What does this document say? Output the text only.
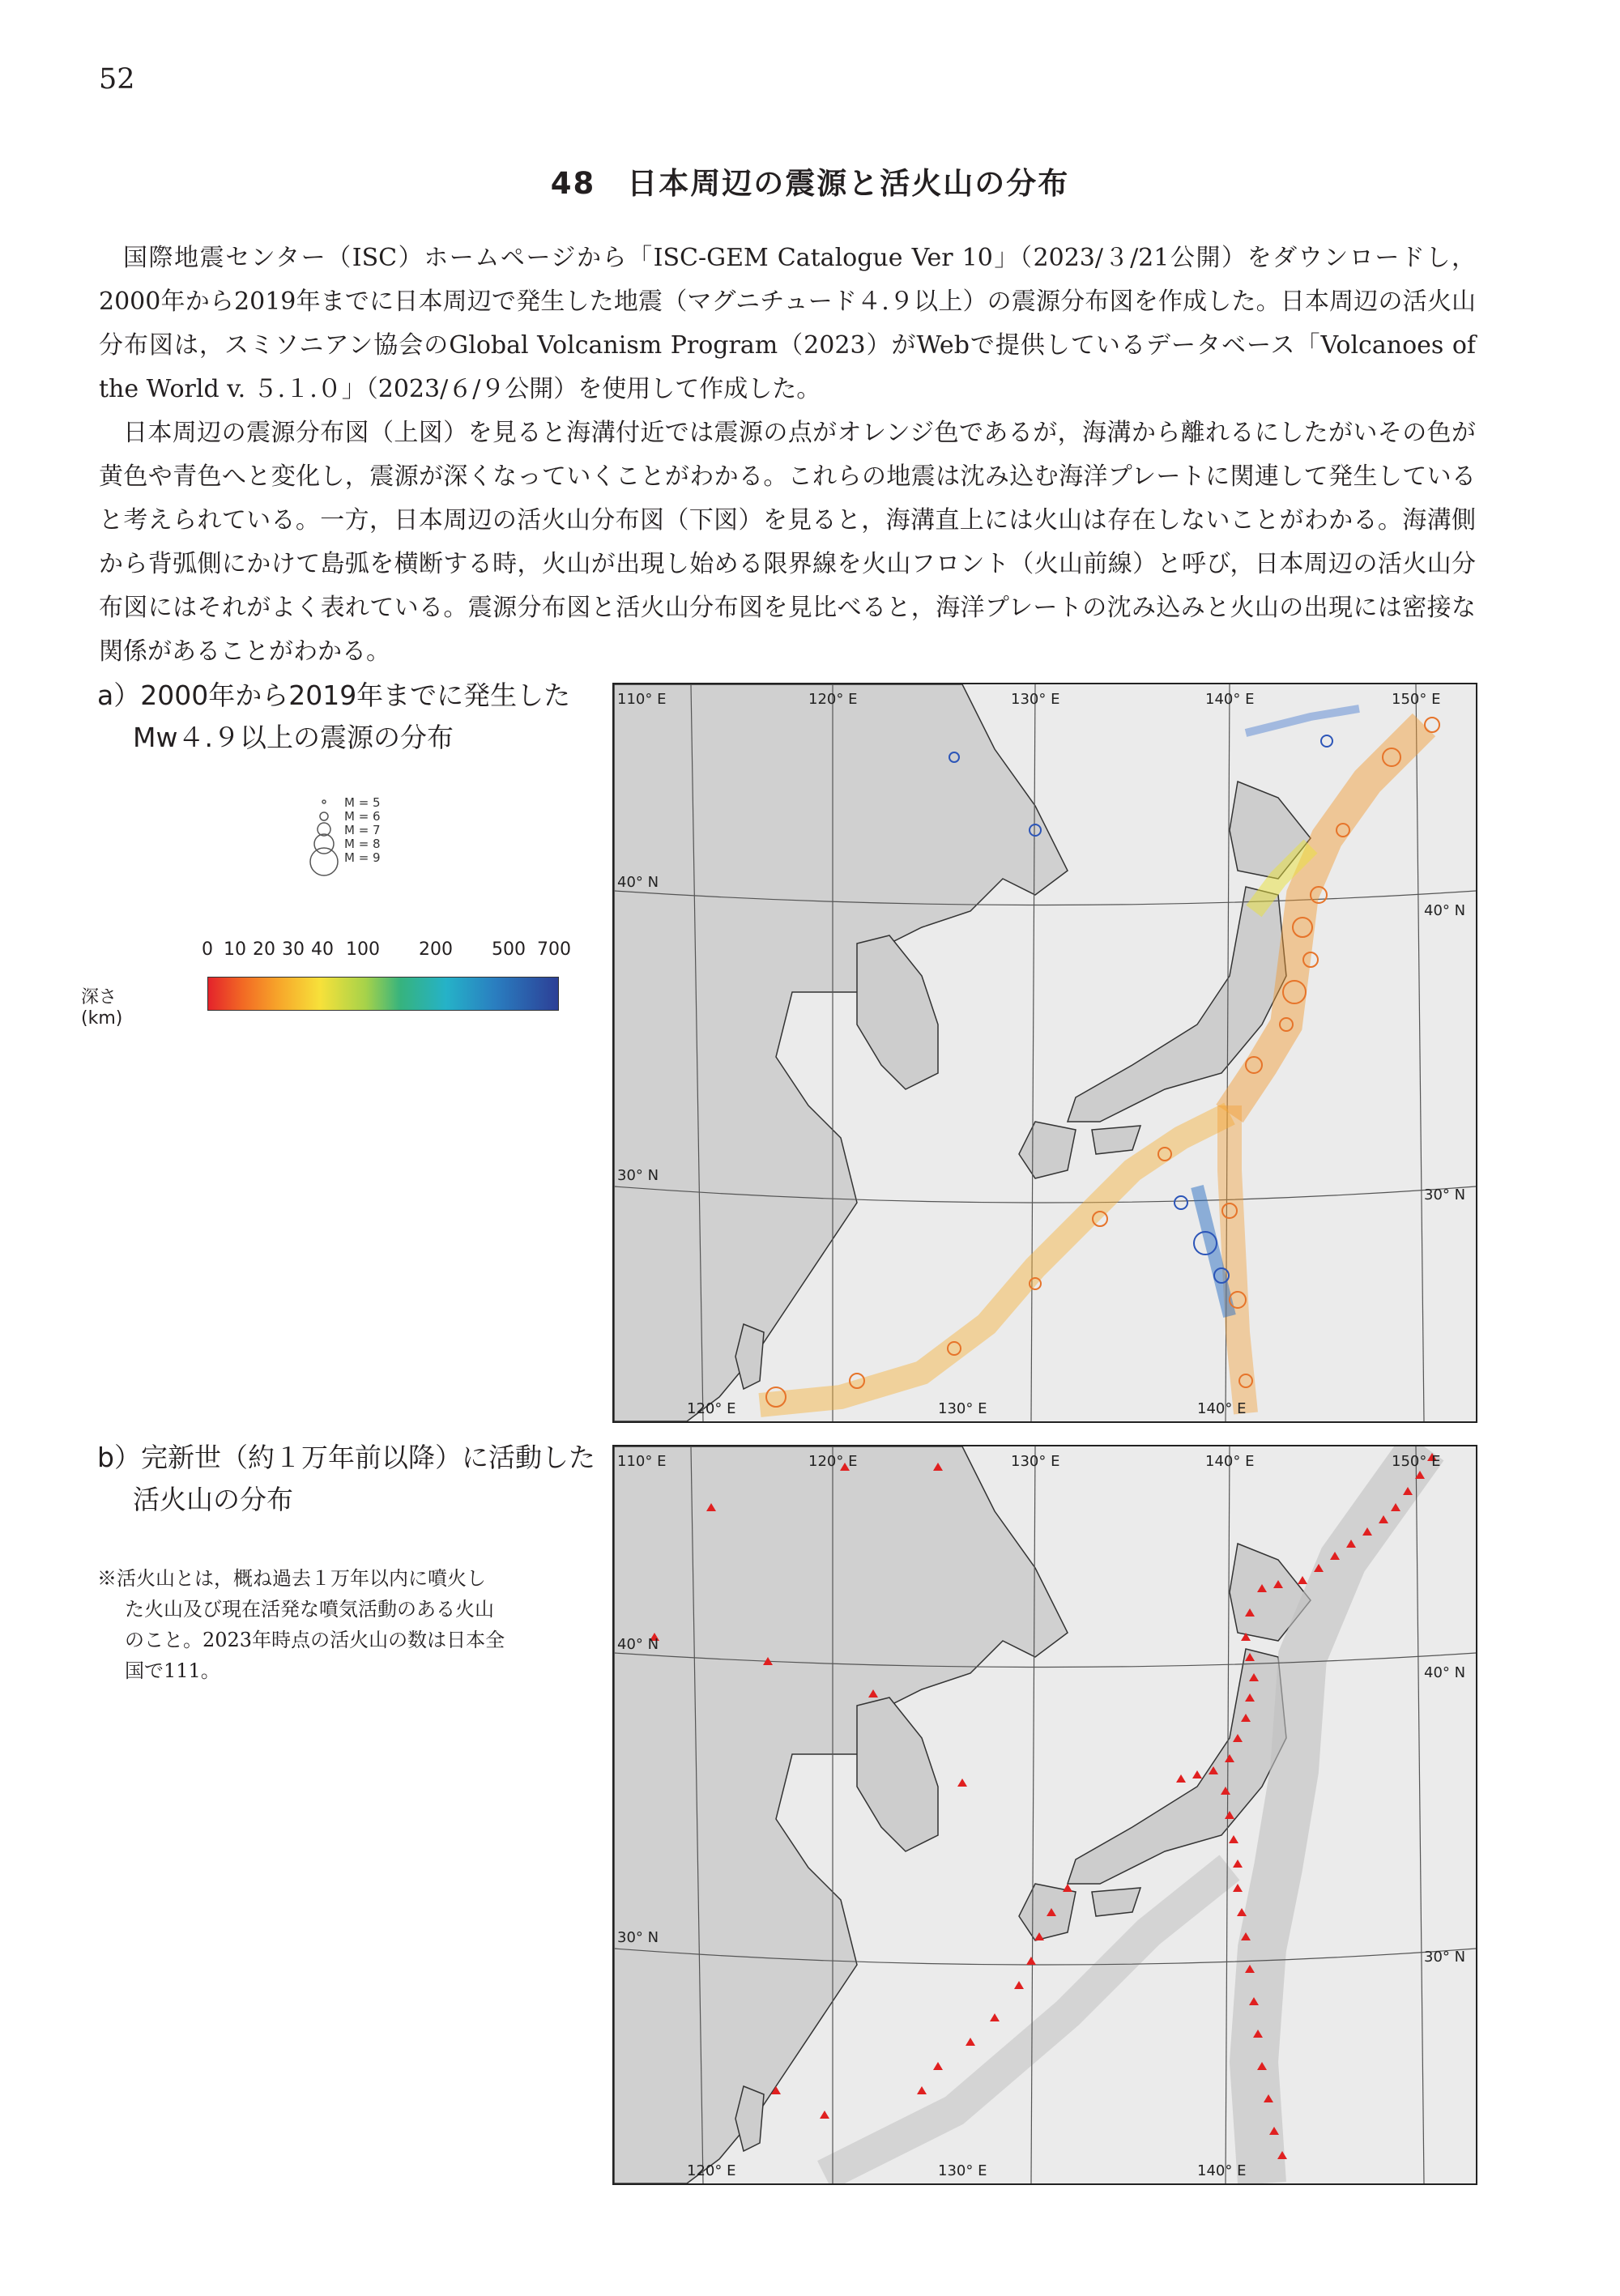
52
48　日本周辺の震源と活火山の分布

国際地震センター（ISC）ホームページから「ISC-GEM Catalogue Ver 10」（2023/３/21公開）をダウンロードし，2000年から2019年までに日本周辺で発生した地震（マグニチュード４.９以上）の震源分布図を作成した。日本周辺の活火山分布図は，スミソニアン協会のGlobal Volcanism Program（2023）がWebで提供しているデータベース「Volcanoes of the World v. ５.１.０」（2023/６/９公開）を使用して作成した。

日本周辺の震源分布図（上図）を見ると海溝付近では震源の点がオレンジ色であるが，海溝から離れるにしたがいその色が黄色や青色へと変化し，震源が深くなっていくことがわかる。これらの地震は沈み込む海洋プレートに関連して発生していると考えられている。一方，日本周辺の活火山分布図（下図）を見ると，海溝直上には火山は存在しないことがわかる。海溝側から背弧側にかけて島弧を横断する時，火山が出現し始める限界線を火山フロント（火山前線）と呼び，日本周辺の活火山分布図にはそれがよく表れている。震源分布図と活火山分布図を見比べると，海洋プレートの沈み込みと火山の出現には密接な関係があることがわかる。

a）2000年から2019年までに発生した
Mw４.９以上の震源の分布
M = 5
M = 6
M = 7
M = 8
M = 9
0 10 20 30 40 100 200 500 700
深さ (km)
110° E	120° E	130° E	140° E	150° E
120° E	130° E	140° E
40° N
30° N
40° N
30° N
b）完新世（約１万年前以降）に活動した
活火山の分布
※活火山とは，概ね過去１万年以内に噴火し
た火山及び現在活発な噴気活動のある火山
のこと。2023年時点の活火山の数は日本全
国で111。
110° E	120° E	130° E	140° E	150° E
120° E	130° E	140° E
40° N
30° N
40° N
30° N
